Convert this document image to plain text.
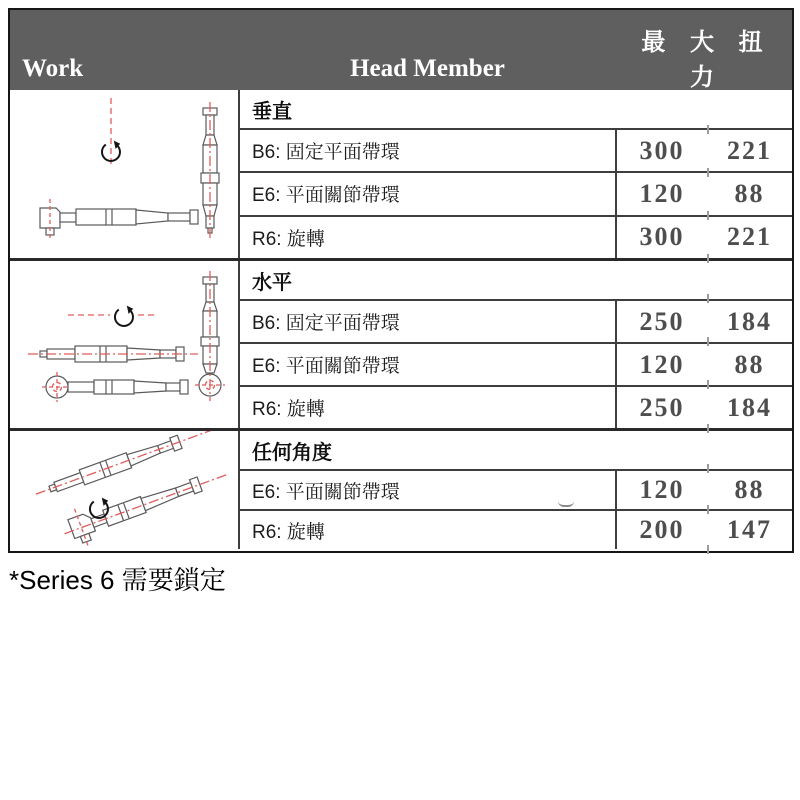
Work	Head Member
最 大 扭 力
Nm	ft-lbs
垂直
B6: 固定平面帶環	300	221
E6: 平面關節帶環	120	88
R6: 旋轉	300	221
水平
B6: 固定平面帶環	250	184
E6: 平面關節帶環	120	88
R6: 旋轉	250	184
任何角度
E6: 平面關節帶環	120	88
R6: 旋轉	200	147
*Series 6 需要鎖定
